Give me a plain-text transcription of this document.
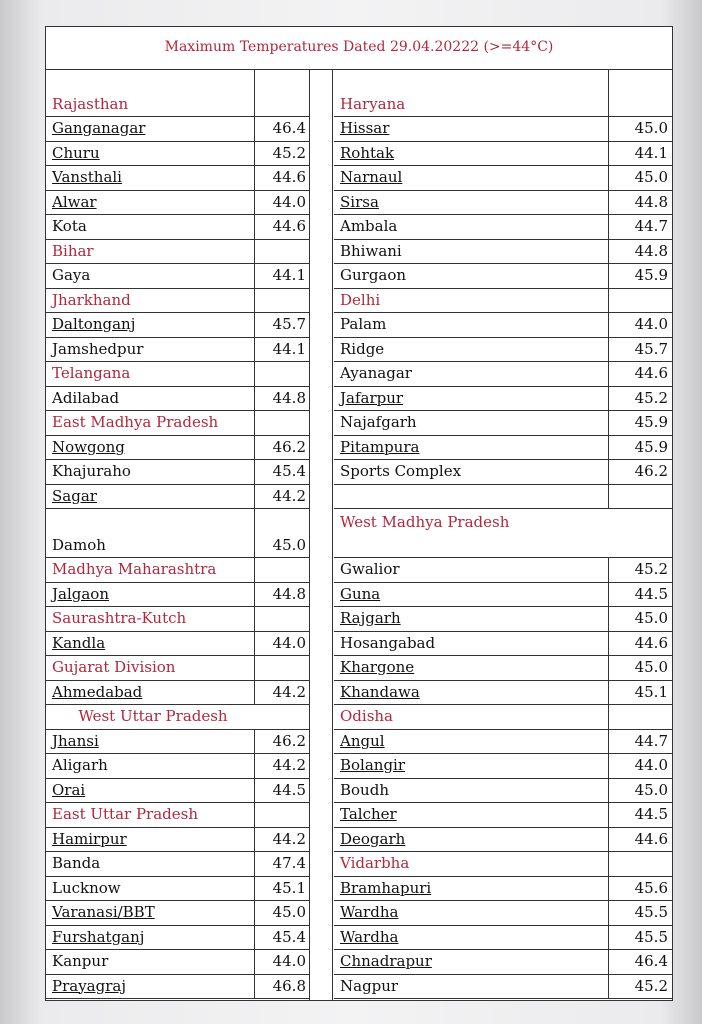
Maximum Temperatures Dated 29.04.20222 (>=44°C)
Rajasthan
Ganganagar	46.4
Churu	45.2
Vansthali	44.6
Alwar	44.0
Kota	44.6
Bihar
Gaya	44.1
Jharkhand
Daltonganj	45.7
Jamshedpur	44.1
Telangana
Adilabad	44.8
East Madhya Pradesh
Nowgong	46.2
Khajuraho	45.4
Sagar	44.2
Damoh	45.0
Madhya Maharashtra
Jalgaon	44.8
Saurashtra-Kutch
Kandla	44.0
Gujarat Division
Ahmedabad	44.2
West Uttar Pradesh
Jhansi	46.2
Aligarh	44.2
Orai	44.5
East Uttar Pradesh
Hamirpur	44.2
Banda	47.4
Lucknow	45.1
Varanasi/BBT	45.0
Furshatganj	45.4
Kanpur	44.0
Prayagraj	46.8
Haryana
Hissar	45.0
Rohtak	44.1
Narnaul	45.0
Sirsa	44.8
Ambala	44.7
Bhiwani	44.8
Gurgaon	45.9
Delhi
Palam	44.0
Ridge	45.7
Ayanagar	44.6
Jafarpur	45.2
Najafgarh	45.9
Pitampura	45.9
Sports Complex	46.2
West Madhya Pradesh
Gwalior	45.2
Guna	44.5
Rajgarh	45.0
Hosangabad	44.6
Khargone	45.0
Khandawa	45.1
Odisha
Angul	44.7
Bolangir	44.0
Boudh	45.0
Talcher	44.5
Deogarh	44.6
Vidarbha
Bramhapuri	45.6
Wardha	45.5
Wardha	45.5
Chnadrapur	46.4
Nagpur	45.2
